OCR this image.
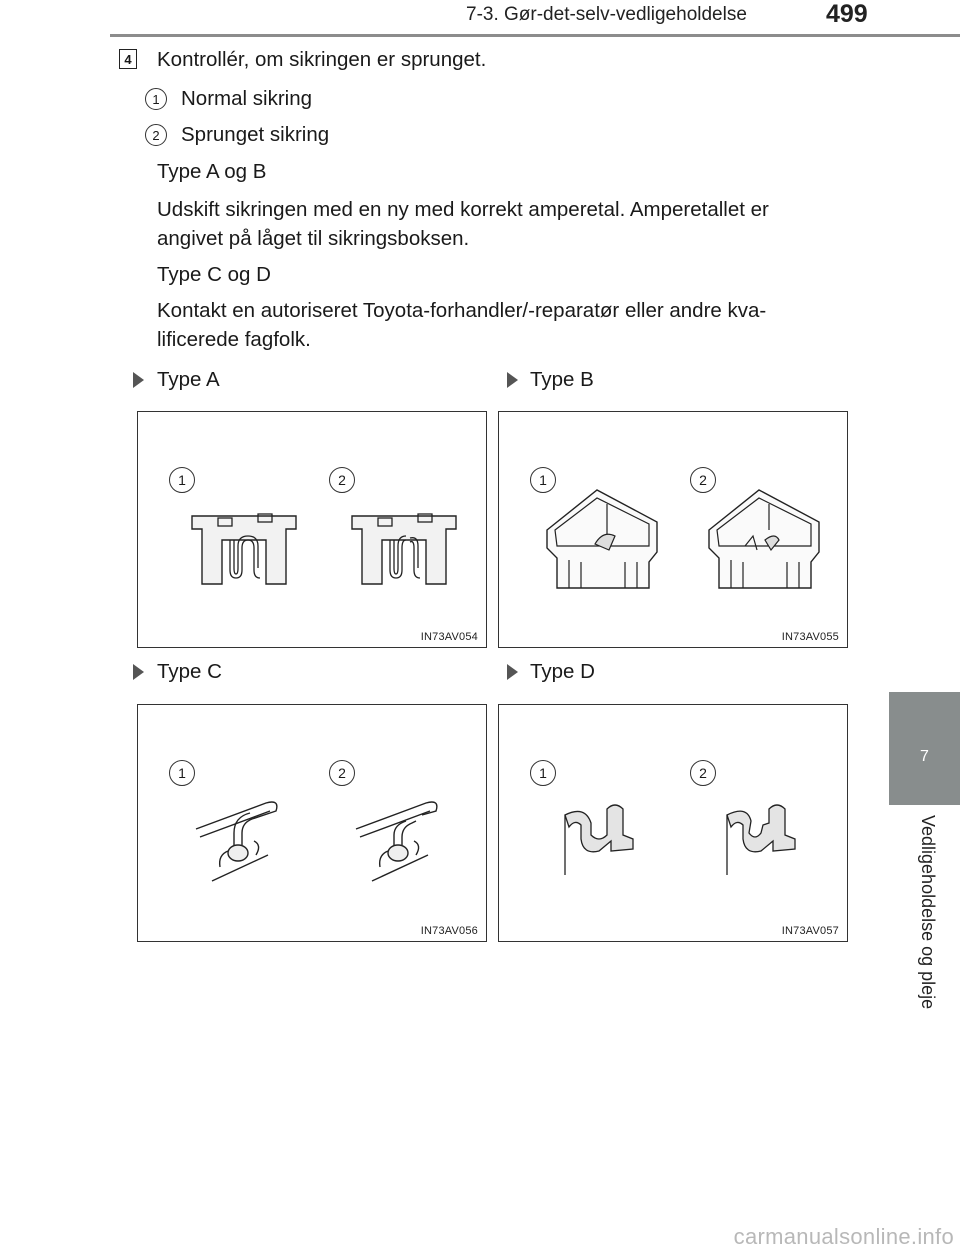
7-3. Gør-det-selv-vedligeholdelse	499
7
Vedligeholdelse og pleje
4 Kontrollér, om sikringen er sprunget.
1	Normal sikring
2	Sprunget sikring
Type A og B
Udskift sikringen med en ny med korrekt amperetal. Amperetallet er
angivet på låget til sikringsboksen.
Type C og D
Kontakt en autoriseret Toyota-forhandler/-reparatør eller andre kva-
lificerede fagfolk.
Type A	Type B
Type C	Type D
1	2
IN73AV054
1	2
IN73AV055
1	2
IN73AV056
1	2
IN73AV057
carmanualsonline.info
